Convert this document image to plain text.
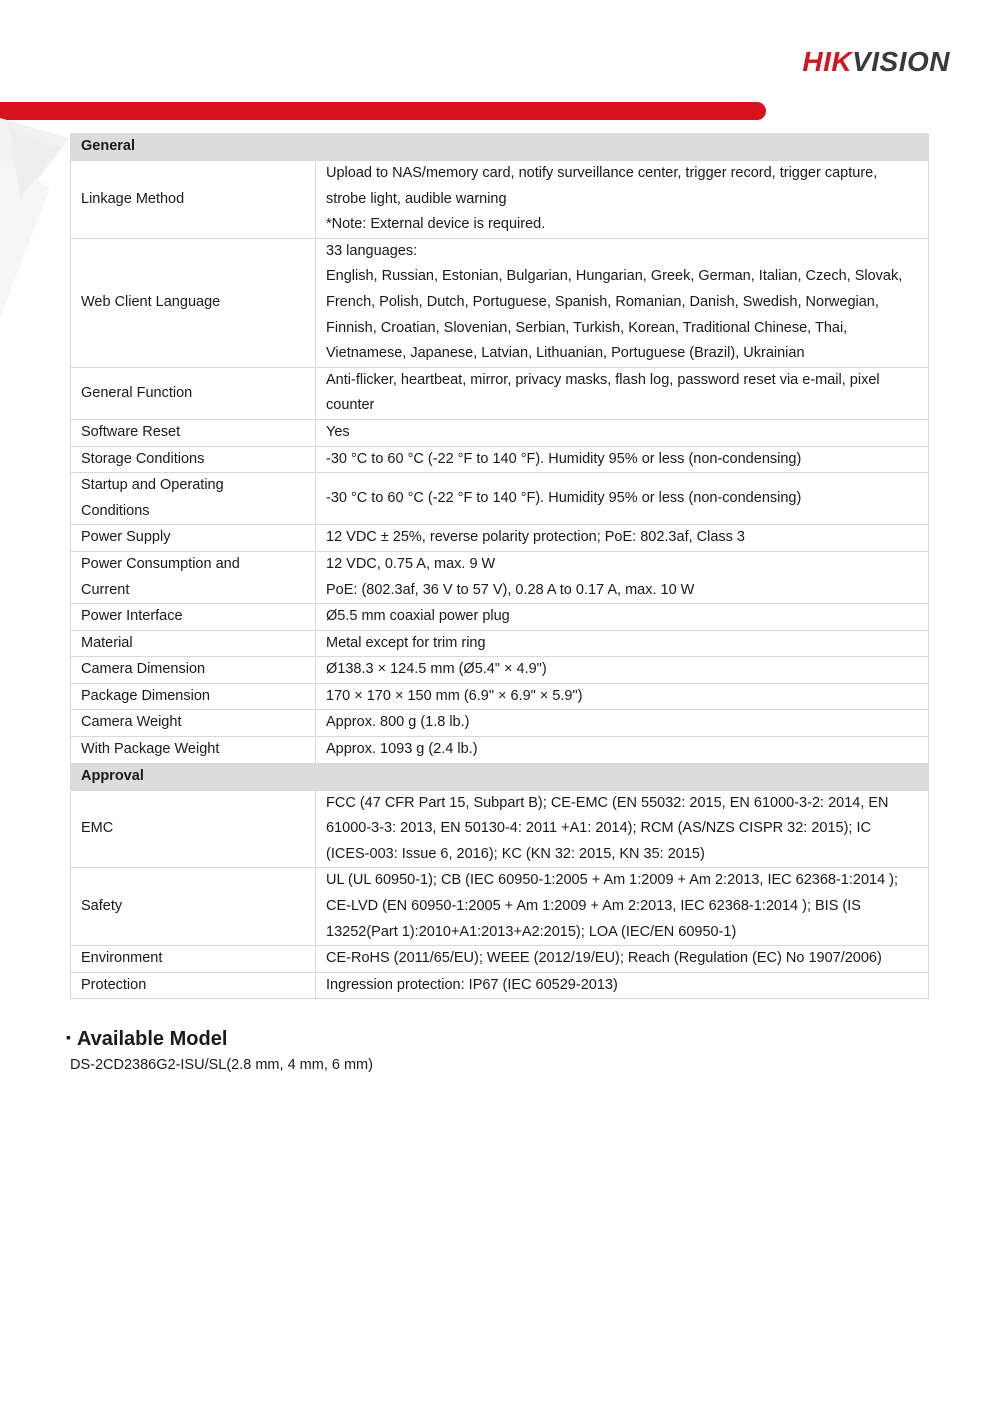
HIKVISION
General	

Linkage Method	Upload to NAS/memory card, notify surveillance center, trigger record, trigger capture,
strobe light, audible warning
*Note: External device is required.

Web Client Language	33 languages:
English, Russian, Estonian, Bulgarian, Hungarian, Greek, German, Italian, Czech, Slovak,
French, Polish, Dutch, Portuguese, Spanish, Romanian, Danish, Swedish, Norwegian,
Finnish, Croatian, Slovenian, Serbian, Turkish, Korean, Traditional Chinese, Thai,
Vietnamese, Japanese, Latvian, Lithuanian, Portuguese (Brazil), Ukrainian

General Function	Anti-flicker, heartbeat, mirror, privacy masks, flash log, password reset via e-mail, pixel
counter

Software Reset	Yes

Storage Conditions	-30 °C to 60 °C (-22 °F to 140 °F). Humidity 95% or less (non-condensing)

Startup and Operating
Conditions	-30 °C to 60 °C (-22 °F to 140 °F). Humidity 95% or less (non-condensing)

Power Supply	12 VDC ± 25%, reverse polarity protection; PoE: 802.3af, Class 3

Power Consumption and
Current	12 VDC, 0.75 A, max. 9 W
PoE: (802.3af, 36 V to 57 V), 0.28 A to 0.17 A, max. 10 W

Power Interface	Ø5.5 mm coaxial power plug

Material	Metal except for trim ring

Camera Dimension	Ø138.3 × 124.5 mm (Ø5.4" × 4.9")

Package Dimension	170 × 170 × 150 mm (6.9" × 6.9" × 5.9")

Camera Weight	Approx. 800 g (1.8 lb.)

With Package Weight	Approx. 1093 g (2.4 lb.)

Approval	

EMC	FCC (47 CFR Part 15, Subpart B); CE-EMC (EN 55032: 2015, EN 61000-3-2: 2014, EN
61000-3-3: 2013, EN 50130-4: 2011 +A1: 2014); RCM (AS/NZS CISPR 32: 2015); IC
(ICES-003: Issue 6, 2016); KC (KN 32: 2015, KN 35: 2015)

Safety	UL (UL 60950-1); CB (IEC 60950-1:2005 + Am 1:2009 + Am 2:2013, IEC 62368-1:2014 );
CE-LVD (EN 60950-1:2005 + Am 1:2009 + Am 2:2013, IEC 62368-1:2014 ); BIS (IS
13252(Part 1):2010+A1:2013+A2:2015); LOA (IEC/EN 60950-1)

Environment	CE-RoHS (2011/65/EU); WEEE (2012/19/EU); Reach (Regulation (EC) No 1907/2006)

Protection	Ingression protection: IP67 (IEC 60529-2013)
▪ Available Model
DS-2CD2386G2-ISU/SL(2.8 mm, 4 mm, 6 mm)
